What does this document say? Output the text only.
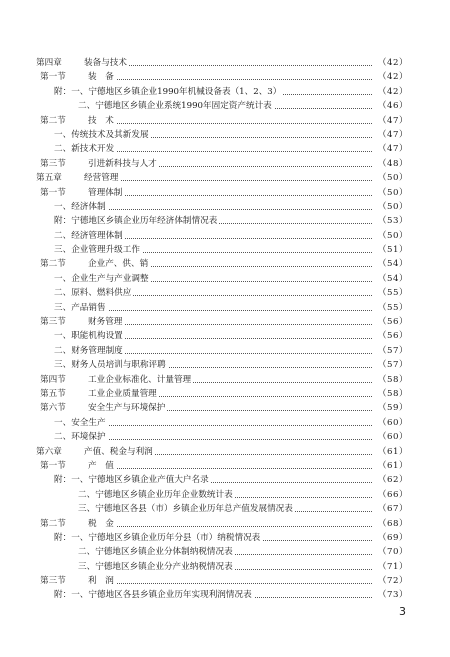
第四章	装备与技术	（42）
第一节	装　备	（42）
附：一、宁德地区乡镇企业1990年机械设备表（1、2、3）	（42）
二、宁德地区乡镇企业系统1990年固定资产统计表	（46）
第二节	技　术	（47）
一、传统技术及其新发展	（47）
二、新技术开发	（47）
第三节	引进新科技与人才	（48）
第五章	经营管理	（50）
第一节	管理体制	（50）
一、经济体制	（50）
附：宁德地区乡镇企业历年经济体制情况表	（53）
二、经济管理体制	（50）
三、企业管理升级工作	（51）
第二节	企业产、供、销	（54）
一、企业生产与产业调整	（54）
二、原料、燃料供应	（55）
三、产品销售	（55）
第三节	财务管理	（56）
一、职能机构设置	（56）
二、财务管理制度	（57）
三、财务人员培训与职称评聘	（57）
第四节	工业企业标准化、计量管理	（58）
第五节	工业企业质量管理	（58）
第六节	安全生产与环境保护	（59）
一、安全生产	（60）
二、环境保护	（60）
第六章	产值、税金与利润	（61）
第一节	产　值	（61）
附：一、宁德地区乡镇企业产值大户名录	（62）
二、宁德地区乡镇企业历年企业数统计表	（66）
三、宁德地区各县（市）乡镇企业历年总产值发展情况表	（67）
第二节	税　金	（68）
附：一、宁德地区乡镇企业历年分县（市）纳税情况表	（69）
二、宁德地区乡镇企业分体制纳税情况表	（70）
三、宁德地区乡镇企业分产业纳税情况表	（71）
第三节	利　润	（72）
附：一、宁德地区各县乡镇企业历年实现利润情况表	（73）
3
